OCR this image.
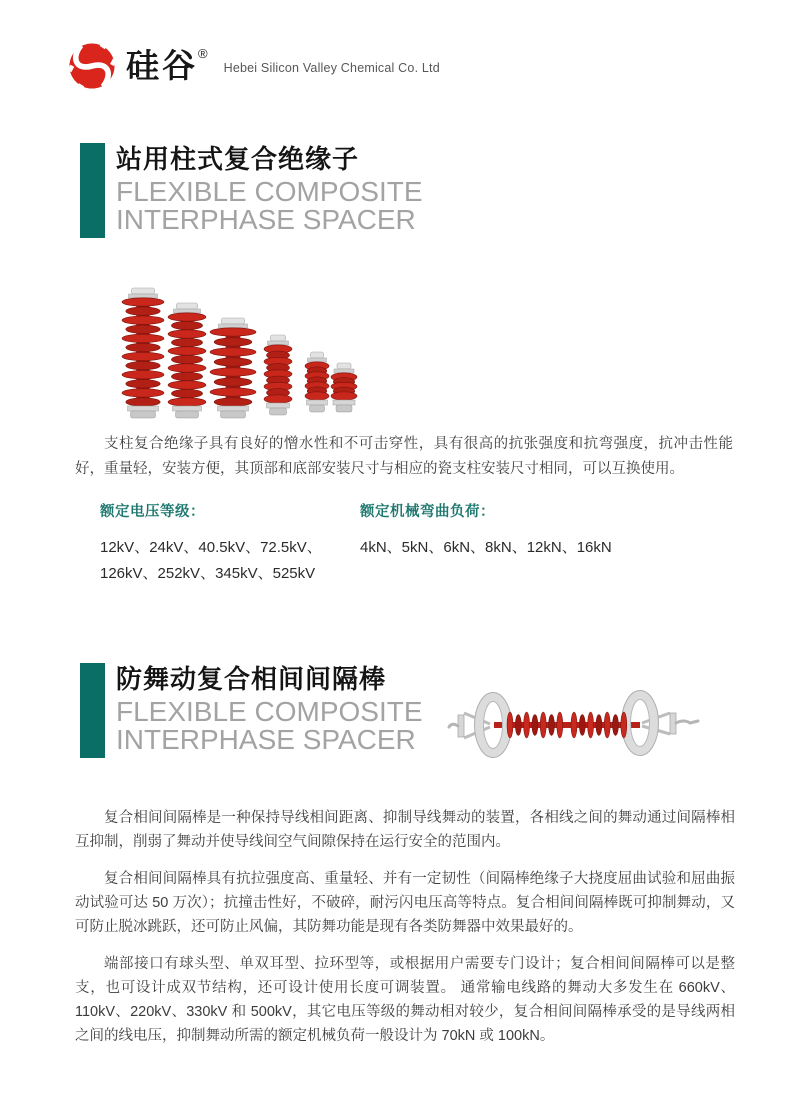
硅谷 ®
Hebei Silicon Valley Chemical Co. Ltd
站用柱式复合绝缘子
FLEXIBLE COMPOSITE
INTERPHASE SPACER

支柱复合绝缘子具有良好的憎水性和不可击穿性，具有很高的抗张强度和抗弯强度，抗冲击性能好，重量轻，安装方便，其顶部和底部安装尺寸与相应的瓷支柱安装尺寸相同，可以互换使用。

额定电压等级：
12kV、24kV、40.5kV、72.5kV、
126kV、252kV、345kV、525kV
额定机械弯曲负荷：
4kN、5kN、6kN、8kN、12kN、16kN
防舞动复合相间间隔棒
FLEXIBLE COMPOSITE
INTERPHASE SPACER

复合相间间隔棒是一种保持导线相间距离、抑制导线舞动的装置，各相线之间的舞动通过间隔棒相互抑制，削弱了舞动并使导线间空气间隙保持在运行安全的范围内。

复合相间间隔棒具有抗拉强度高、重量轻、并有一定韧性（间隔棒绝缘子大挠度屈曲试验和屈曲振动试验可达 50 万次）；抗撞击性好，不破碎，耐污闪电压高等特点。复合相间间隔棒既可抑制舞动，又可防止脱冰跳跃，还可防止风偏，其防舞功能是现有各类防舞器中效果最好的。

端部接口有球头型、单双耳型、拉环型等，或根据用户需要专门设计；复合相间间隔棒可以是整支，也可设计成双节结构，还可设计使用长度可调装置。 通常输电线路的舞动大多发生在 660kV、110kV、220kV、330kV 和 500kV，其它电压等级的舞动相对较少，复合相间间隔棒承受的是导线两相之间的线电压，抑制舞动所需的额定机械负荷一般设计为 70kN 或 100kN。
